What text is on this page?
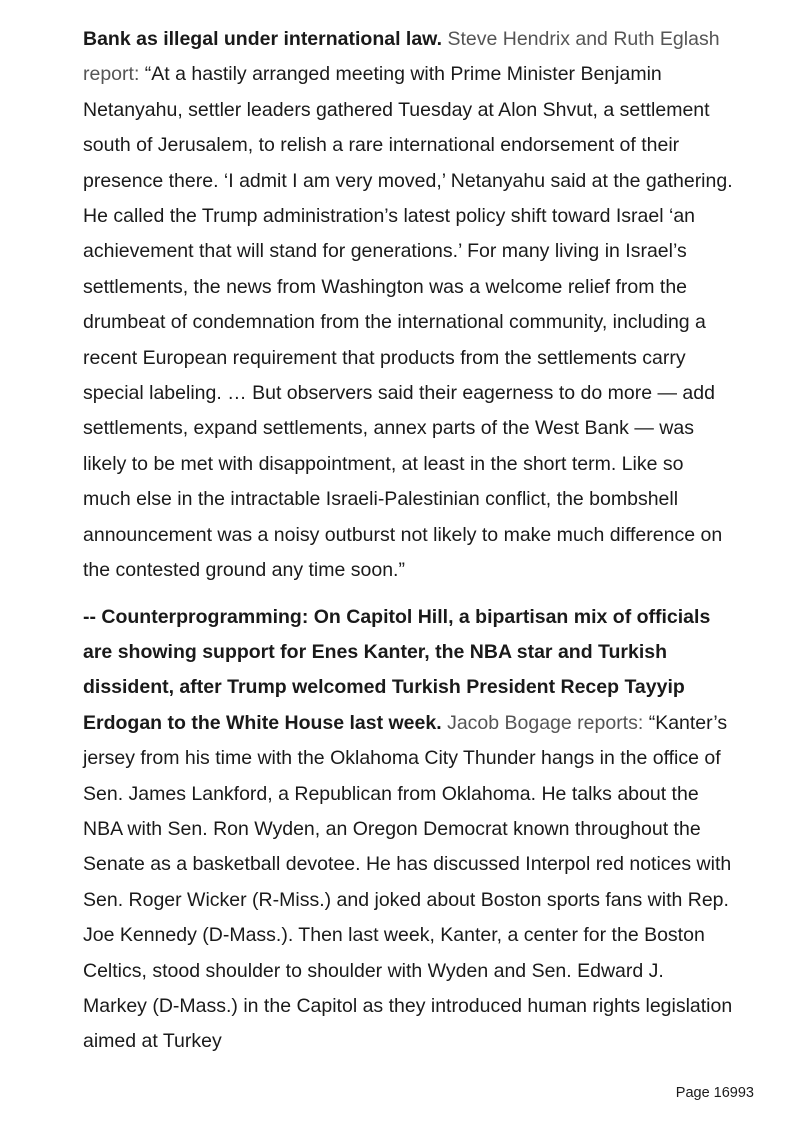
Bank as illegal under international law. Steve Hendrix and Ruth Eglash report: “At a hastily arranged meeting with Prime Minister Benjamin Netanyahu, settler leaders gathered Tuesday at Alon Shvut, a settlement south of Jerusalem, to relish a rare international endorsement of their presence there. ‘I admit I am very moved,’ Netanyahu said at the gathering. He called the Trump administration’s latest policy shift toward Israel ‘an achievement that will stand for generations.’ For many living in Israel’s settlements, the news from Washington was a welcome relief from the drumbeat of condemnation from the international community, including a recent European requirement that products from the settlements carry special labeling. … But observers said their eagerness to do more — add settlements, expand settlements, annex parts of the West Bank — was likely to be met with disappointment, at least in the short term. Like so much else in the intractable Israeli-Palestinian conflict, the bombshell announcement was a noisy outburst not likely to make much difference on the contested ground any time soon.”

-- Counterprogramming: On Capitol Hill, a bipartisan mix of officials are showing support for Enes Kanter, the NBA star and Turkish dissident, after Trump welcomed Turkish President Recep Tayyip Erdogan to the White House last week. Jacob Bogage reports: “Kanter’s jersey from his time with the Oklahoma City Thunder hangs in the office of Sen. James Lankford, a Republican from Oklahoma. He talks about the NBA with Sen. Ron Wyden, an Oregon Democrat known throughout the Senate as a basketball devotee. He has discussed Interpol red notices with Sen. Roger Wicker (R-Miss.) and joked about Boston sports fans with Rep. Joe Kennedy (D-Mass.). Then last week, Kanter, a center for the Boston Celtics, stood shoulder to shoulder with Wyden and Sen. Edward J. Markey (D-Mass.) in the Capitol as they introduced human rights legislation aimed at Turkey

Page 16993
